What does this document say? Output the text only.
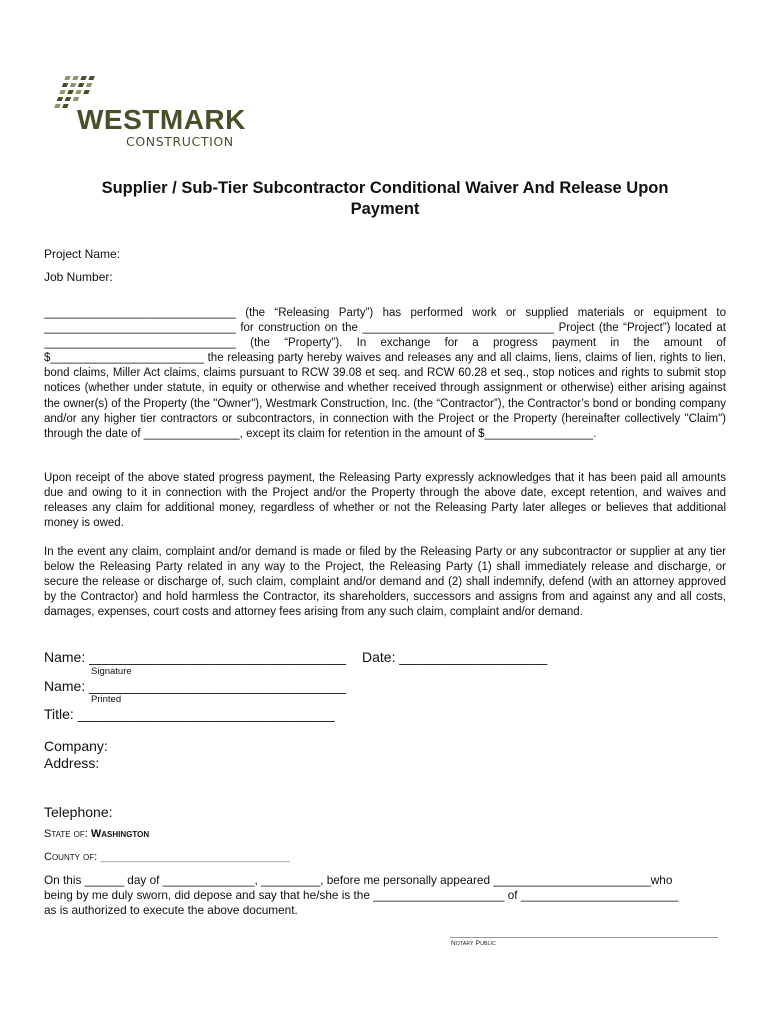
WESTMARK
CONSTRUCTION
Supplier / Sub-Tier Subcontractor Conditional Waiver And Release Upon
Payment
Project Name:
Job Number:
______________________________ (the “Releasing Party”) has performed work or supplied materials or equipment to ______________________________ for construction on the ______________________________ Project (the “Project”) located at ______________________________ (the “Property”). In exchange for a progress payment in the amount of $________________________ the releasing party hereby waives and releases any and all claims, liens, claims of lien, rights to lien, bond claims, Miller Act claims, claims pursuant to RCW 39.08 et seq. and RCW 60.28 et seq., stop notices and rights to submit stop notices (whether under statute, in equity or otherwise and whether received through assignment or otherwise) either arising against the owner(s) of the Property (the "Owner"), Westmark Construction, Inc. (the “Contractor”), the Contractor’s bond or bonding company and/or any higher tier contractors or subcontractors, in connection with the Project or the Property (hereinafter collectively "Claim") through the date of _______________, except its claim for retention in the amount of $_________________.
Upon receipt of the above stated progress payment, the Releasing Party expressly acknowledges that it has been paid all amounts due and owing to it in connection with the Project and/or the Property through the above date, except retention, and waives and releases any claim for additional money, regardless of whether or not the Releasing Party later alleges or believes that additional money is owed.
In the event any claim, complaint and/or demand is made or filed by the Releasing Party or any subcontractor or supplier at any tier below the Releasing Party related in any way to the Project, the Releasing Party (1) shall immediately release and discharge, or secure the release or discharge of, such claim, complaint and/or demand and (2) shall indemnify, defend (with an attorney approved by the Contractor) and hold harmless the Contractor, its shareholders, successors and assigns from and against any and all costs, damages, expenses, court costs and attorney fees arising from any such claim, complaint and/or demand.
Name: _________________________________ Date: ___________________
Signature
Name: _________________________________
Printed
Title: _________________________________
Company:
Address:
Telephone:
State of: Washington
County of: _______________________________
On this ______ day of ______________, _________, before me personally appeared ________________________who
being by me duly sworn, did depose and say that he/she is the ____________________ of ________________________
as is authorized to execute the above document.
Notary Public
